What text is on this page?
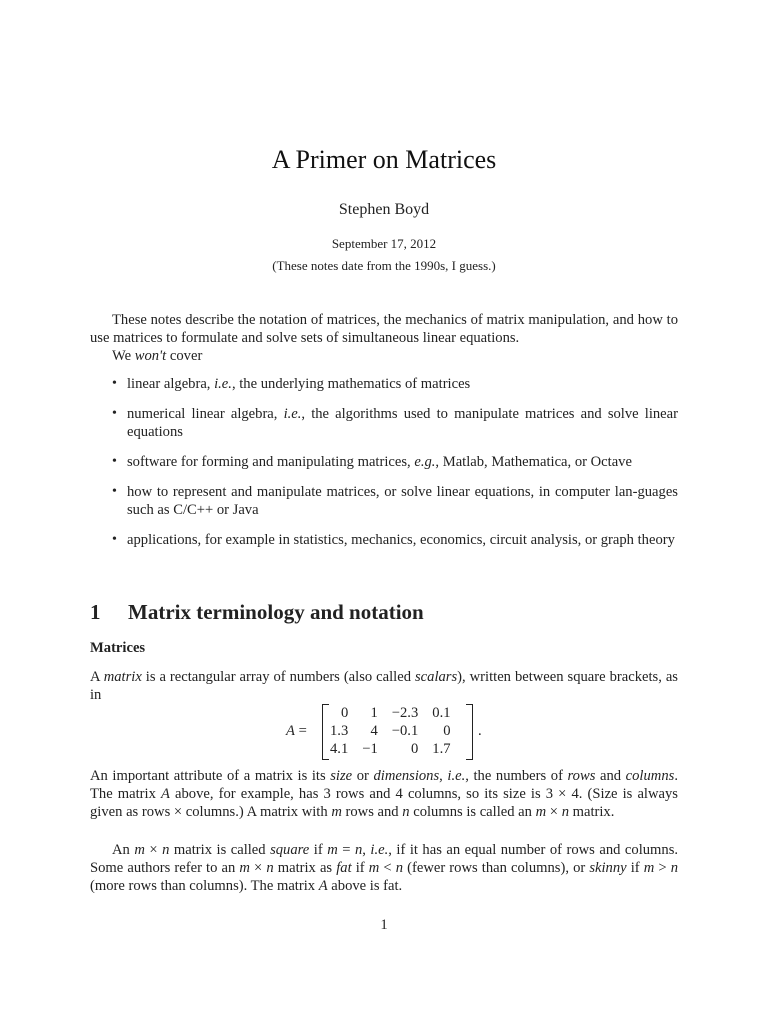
A Primer on Matrices
Stephen Boyd
September 17, 2012
(These notes date from the 1990s, I guess.)
These notes describe the notation of matrices, the mechanics of matrix manipulation, and how to use matrices to formulate and solve sets of simultaneous linear equations.
We won't cover
• linear algebra, i.e., the underlying mathematics of matrices
• numerical linear algebra, i.e., the algorithms used to manipulate matrices and solve linear equations
• software for forming and manipulating matrices, e.g., Matlab, Mathematica, or Octave
• how to represent and manipulate matrices, or solve linear equations, in computer lan-guages such as C/C++ or Java
• applications, for example in statistics, mechanics, economics, circuit analysis, or graph theory
1 Matrix terminology and notation
Matrices
A matrix is a rectangular array of numbers (also called scalars), written between square brackets, as in
A =
0	1	−2.3	0.1
1.3	4	−0.1	0
4.1	−1	0	1.7
.
An important attribute of a matrix is its size or dimensions, i.e., the numbers of rows and columns. The matrix A above, for example, has 3 rows and 4 columns, so its size is 3 × 4. (Size is always given as rows × columns.) A matrix with m rows and n columns is called an m × n matrix.
An m × n matrix is called square if m = n, i.e., if it has an equal number of rows and columns. Some authors refer to an m × n matrix as fat if m < n (fewer rows than columns), or skinny if m > n (more rows than columns). The matrix A above is fat.
1
